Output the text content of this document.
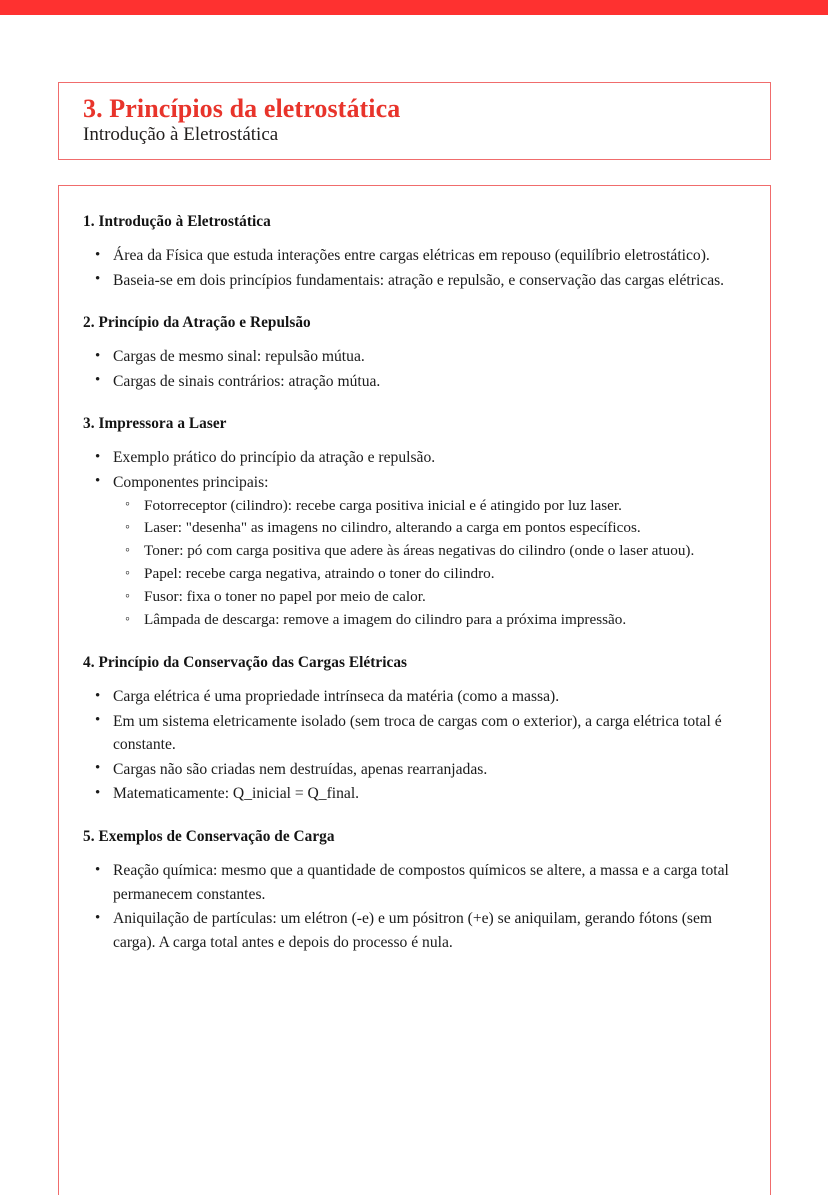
3. Princípios da eletrostática
Introdução à Eletrostática
1. Introdução à Eletrostática
• Área da Física que estuda interações entre cargas elétricas em repouso (equilíbrio eletrostático).
• Baseia-se em dois princípios fundamentais: atração e repulsão, e conservação das cargas elétricas.
2. Princípio da Atração e Repulsão
• Cargas de mesmo sinal: repulsão mútua.
• Cargas de sinais contrários: atração mútua.
3. Impressora a Laser
• Exemplo prático do princípio da atração e repulsão.
• Componentes principais:
◦ Fotorreceptor (cilindro): recebe carga positiva inicial e é atingido por luz laser.
◦ Laser: "desenha" as imagens no cilindro, alterando a carga em pontos específicos.
◦ Toner: pó com carga positiva que adere às áreas negativas do cilindro (onde o laser atuou).
◦ Papel: recebe carga negativa, atraindo o toner do cilindro.
◦ Fusor: fixa o toner no papel por meio de calor.
◦ Lâmpada de descarga: remove a imagem do cilindro para a próxima impressão.
4. Princípio da Conservação das Cargas Elétricas
• Carga elétrica é uma propriedade intrínseca da matéria (como a massa).
• Em um sistema eletricamente isolado (sem troca de cargas com o exterior), a carga elétrica total é constante.
• Cargas não são criadas nem destruídas, apenas rearranjadas.
• Matematicamente: Q_inicial = Q_final.
5. Exemplos de Conservação de Carga
• Reação química: mesmo que a quantidade de compostos químicos se altere, a massa e a carga total permanecem constantes.
• Aniquilação de partículas: um elétron (-e) e um pósitron (+e) se aniquilam, gerando fótons (sem carga). A carga total antes e depois do processo é nula.
